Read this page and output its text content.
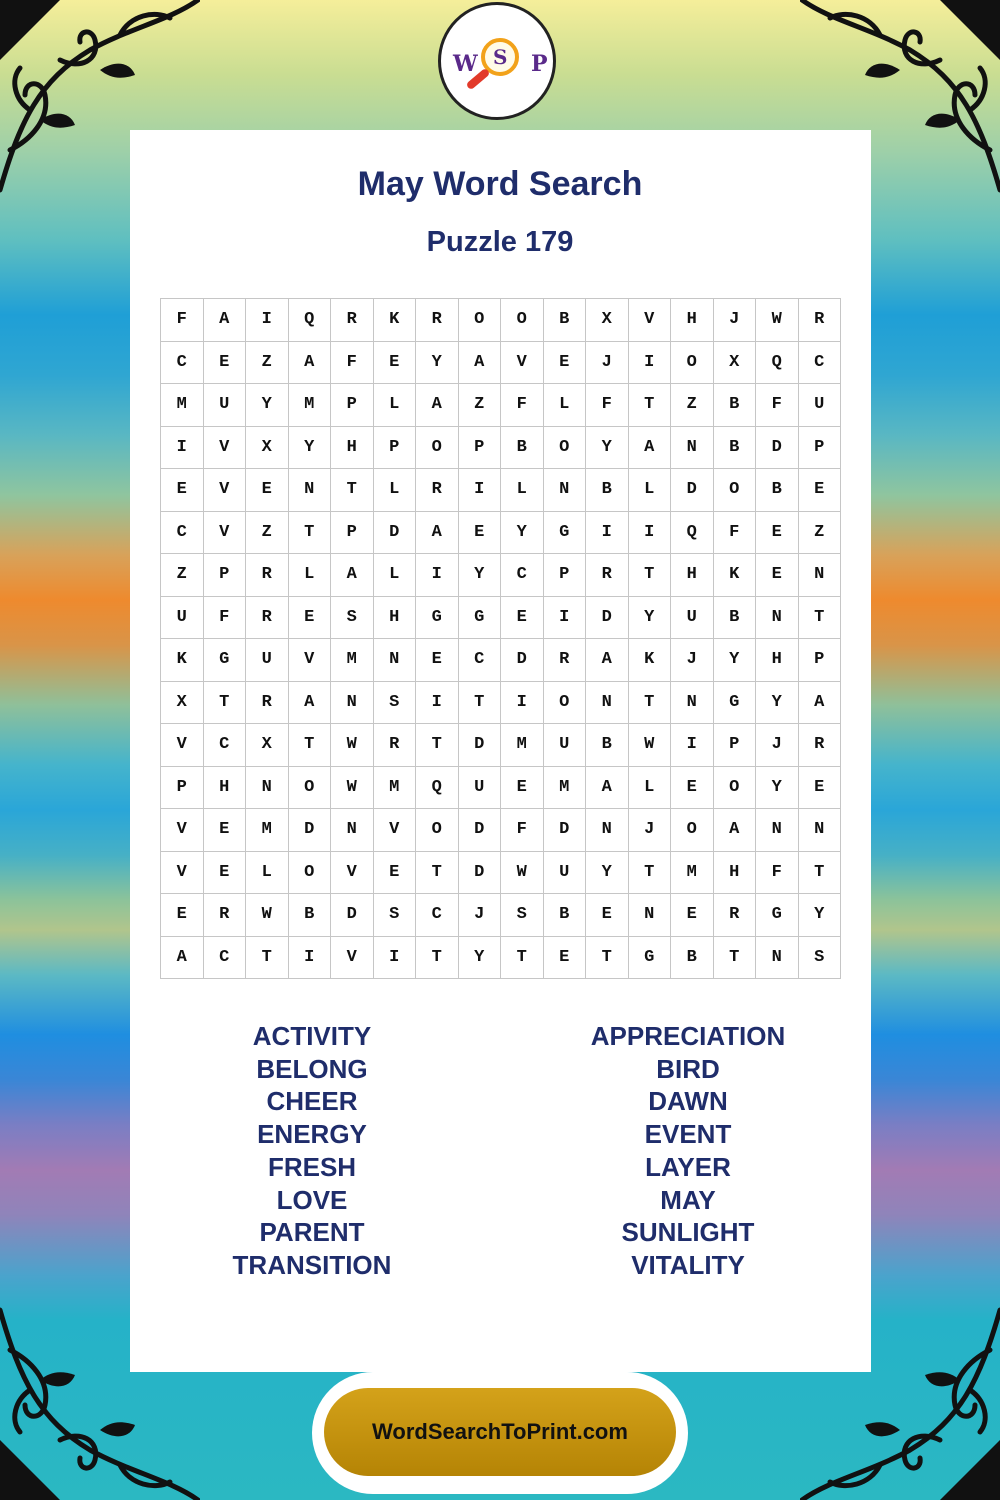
W S P
May Word Search
Puzzle 179
F	A	I	Q	R	K	R	O	O	B	X	V	H	J	W	R
C	E	Z	A	F	E	Y	A	V	E	J	I	O	X	Q	C
M	U	Y	M	P	L	A	Z	F	L	F	T	Z	B	F	U
I	V	X	Y	H	P	O	P	B	O	Y	A	N	B	D	P
E	V	E	N	T	L	R	I	L	N	B	L	D	O	B	E
C	V	Z	T	P	D	A	E	Y	G	I	I	Q	F	E	Z
Z	P	R	L	A	L	I	Y	C	P	R	T	H	K	E	N
U	F	R	E	S	H	G	G	E	I	D	Y	U	B	N	T
K	G	U	V	M	N	E	C	D	R	A	K	J	Y	H	P
X	T	R	A	N	S	I	T	I	O	N	T	N	G	Y	A
V	C	X	T	W	R	T	D	M	U	B	W	I	P	J	R
P	H	N	O	W	M	Q	U	E	M	A	L	E	O	Y	E
V	E	M	D	N	V	O	D	F	D	N	J	O	A	N	N
V	E	L	O	V	E	T	D	W	U	Y	T	M	H	F	T
E	R	W	B	D	S	C	J	S	B	E	N	E	R	G	Y
A	C	T	I	V	I	T	Y	T	E	T	G	B	T	N	S
ACTIVITY
BELONG
CHEER
ENERGY
FRESH
LOVE
PARENT
TRANSITION
APPRECIATION
BIRD
DAWN
EVENT
LAYER
MAY
SUNLIGHT
VITALITY
WordSearchToPrint.com
